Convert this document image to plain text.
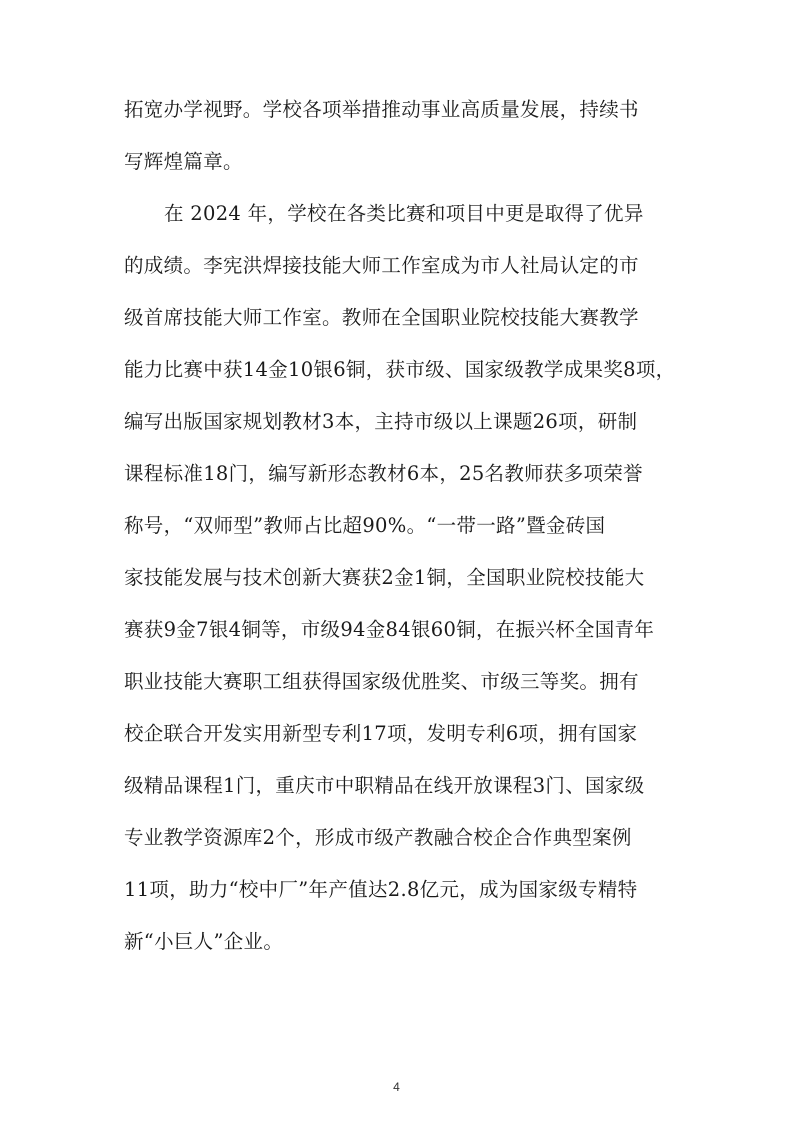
拓宽办学视野。学校各项举措推动事业高质量发展，持续书
写辉煌篇章。
在 2024 年，学校在各类比赛和项目中更是取得了优异
的成绩。李宪洪焊接技能大师工作室成为市人社局认定的市
级首席技能大师工作室。教师在全国职业院校技能大赛教学
能力比赛中获14金10银6铜，获市级、国家级教学成果奖8项，
编写出版国家规划教材3本，主持市级以上课题26项，研制
课程标准18门，编写新形态教材6本，25名教师获多项荣誉
称号，“双师型”教师占比超90%。“一带一路”暨金砖国
家技能发展与技术创新大赛获2金1铜，全国职业院校技能大
赛获9金7银4铜等，市级94金84银60铜，在振兴杯全国青年
职业技能大赛职工组获得国家级优胜奖、市级三等奖。拥有
校企联合开发实用新型专利17项，发明专利6项，拥有国家
级精品课程1门，重庆市中职精品在线开放课程3门、国家级
专业教学资源库2个，形成市级产教融合校企合作典型案例
11项，助力“校中厂”年产值达2.8亿元，成为国家级专精特
新“小巨人”企业。
4
